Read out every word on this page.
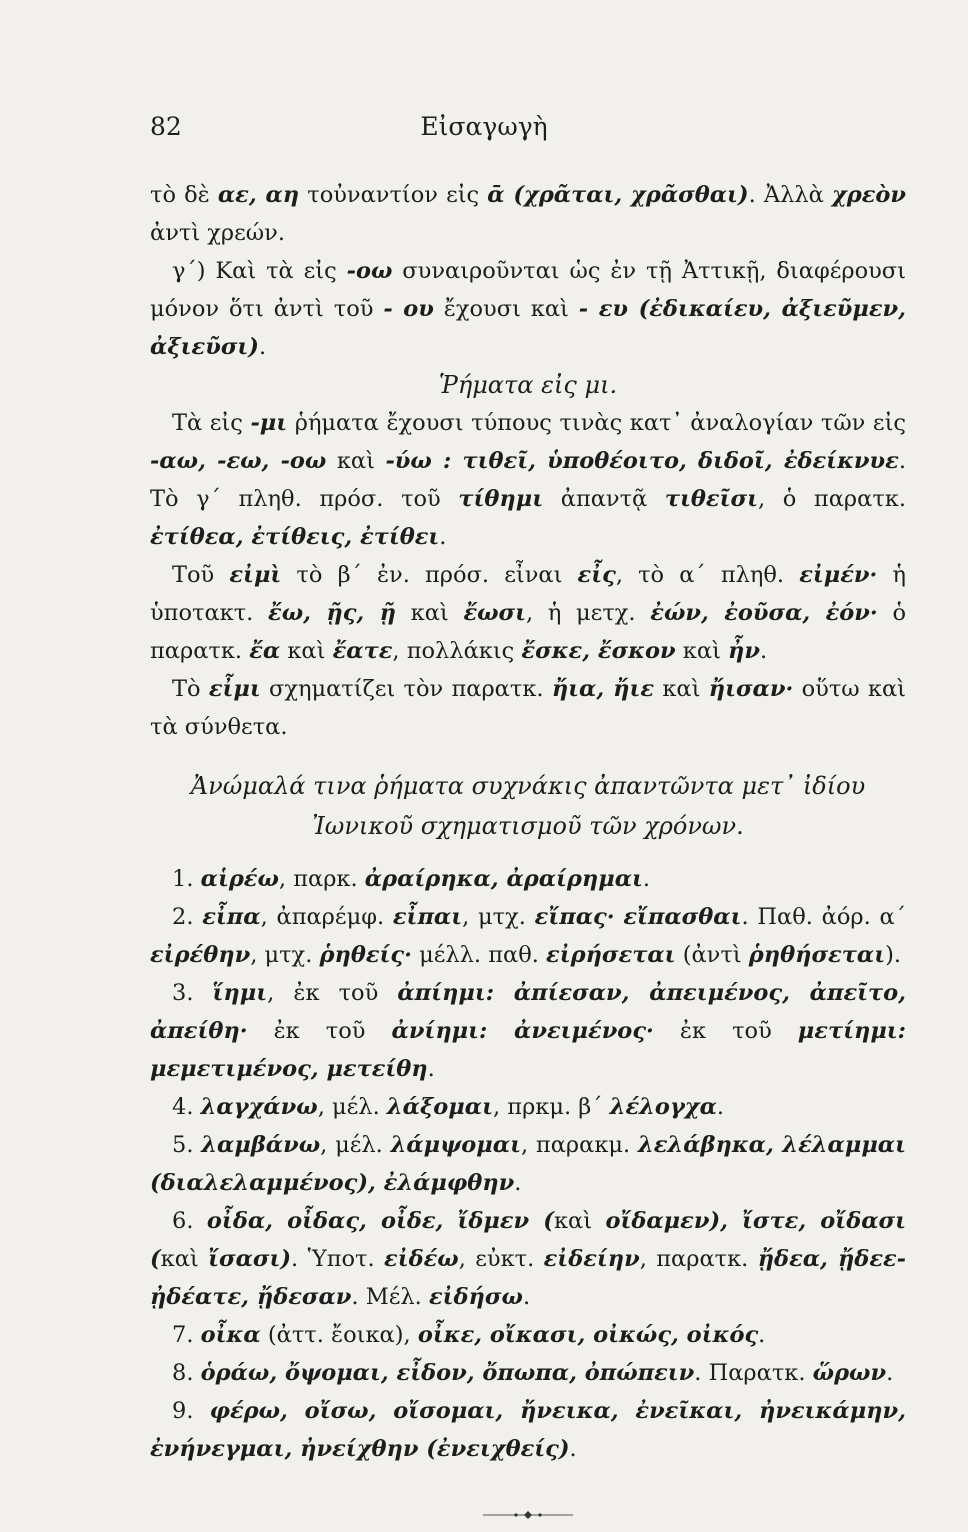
82	Εἰσαγωγὴ

τὸ δὲ αε, αη τοὐναντίον εἰς ᾱ (χρᾶται, χρᾶσθαι). Ἀλλὰ χρεὸν ἀντὶ χρεών.

γ΄) Καὶ τὰ εἰς -οω συναιροῦνται ὡς ἐν τῇ Ἀττικῇ, διαφέρουσι μόνον ὅτι ἀντὶ τοῦ - ου ἔχουσι καὶ - ευ (ἐδικαίευ, ἀξιεῦμεν, ἀξιεῦσι).

Ῥήματα εἰς μι.

Τὰ εἰς -μι ῥήματα ἔχουσι τύπους τινὰς κατ᾽ ἀναλογίαν τῶν εἰς -αω, -εω, -οω καὶ -ύω : τιθεῖ, ὑποθέοιτο, διδοῖ, ἐδείκνυε. Τὸ γ΄ πληθ. πρόσ. τοῦ τίθημι ἀπαντᾷ τιθεῖσι, ὁ παρατκ. ἐτίθεα, ἐτίθεις, ἐτίθει.

Τοῦ εἰμὶ τὸ β΄ ἐν. πρόσ. εἶναι εἶς, τὸ α΄ πληθ. εἰμέν· ἡ ὑποτακτ. ἔω, ῇς, ῇ καὶ ἔωσι, ἡ μετχ. ἐών, ἐοῦσα, ἐόν· ὁ παρατκ. ἔα καὶ ἔατε, πολλάκις ἔσκε, ἔσκον καὶ ἦν.

Τὸ εἶμι σχηματίζει τὸν παρατκ. ἤια, ἤιε καὶ ἤισαν· οὕτω καὶ τὰ σύνθετα.

Ἀνώμαλά τινα ῥήματα συχνάκις ἀπαντῶντα μετ᾽ ἰδίου
Ἰωνικοῦ σχηματισμοῦ τῶν χρόνων.

1. αἱρέω, παρκ. ἀραίρηκα, ἀραίρημαι.

2. εἶπα, ἀπαρέμφ. εἶπαι, μτχ. εἴπας· εἴπασθαι. Παθ. ἀόρ. α΄ εἰρέθην, μτχ. ῥηθείς· μέλλ. παθ. εἰρήσεται (ἀντὶ ῥηθήσεται).

3. ἵημι, ἐκ τοῦ ἀπίημι: ἀπίεσαν, ἀπειμένος, ἀπεῖτο, ἀπείθη· ἐκ τοῦ ἀνίημι: ἀνειμένος· ἐκ τοῦ μετίημι: μεμετιμένος, μετείθη.

4. λαγχάνω, μέλ. λάξομαι, πρκμ. β΄ λέλογχα.

5. λαμβάνω, μέλ. λάμψομαι, παρακμ. λελάβηκα, λέλαμμαι (διαλελαμμένος), ἐλάμφθην.

6. οἶδα, οἶδας, οἶδε, ἴδμεν (καὶ οἴδαμεν), ἴστε, οἴδασι (καὶ ἴσασι). Ὑποτ. εἰδέω, εὐκτ. εἰδείην, παρατκ. ᾔδεα, ᾔδεε-ᾐδέατε, ᾔδεσαν. Μέλ. εἰδήσω.

7. οἶκα (ἀττ. ἔοικα), οἶκε, οἴκασι, οἰκώς, οἰκός.

8. ὁράω, ὄψομαι, εἶδον, ὄπωπα, ὀπώπειν. Παρατκ. ὥρων.

9. φέρω, οἴσω, οἴσομαι, ἤνεικα, ἐνεῖκαι, ἠνεικάμην, ἐνήνεγμαι, ἠνείχθην (ἐνειχθείς).
